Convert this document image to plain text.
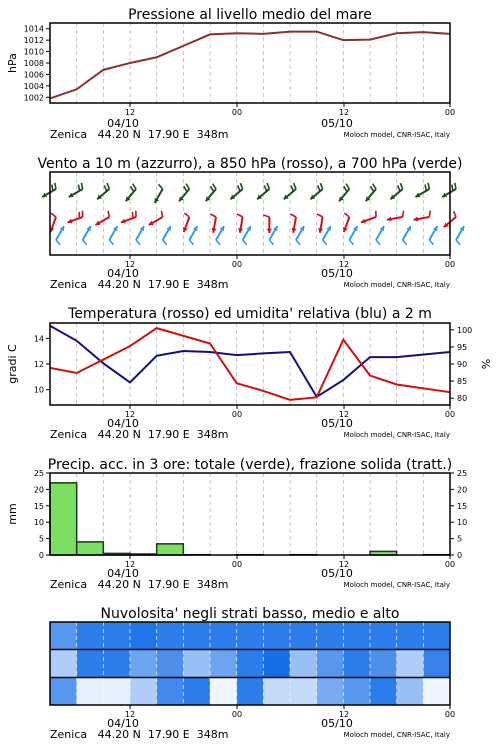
Pressione al livello medio del mare
hPa
1002
1004
1006
1008
1010
1012
1014
12	00	12	00
04/10	05/10
Zenica   44.20 N  17.90 E  348m	Moloch model, CNR-ISAC, Italy
Vento a 10 m (azzurro), a 850 hPa (rosso), a 700 hPa (verde)
12	00	12	00
04/10	05/10
Zenica   44.20 N  17.90 E  348m	Moloch model, CNR-ISAC, Italy
Temperatura (rosso) ed umidita' relativa (blu) a 2 m
gradi C	%
10
12
14
80
85
90
95
100
12	00	12	00
04/10	05/10
Zenica   44.20 N  17.90 E  348m	Moloch model, CNR-ISAC, Italy
Precip. acc. in 3 ore: totale (verde), frazione solida (tratt.)
mm
0
5
10
15
20
25
0
5
10
15
20
25
12	00	12	00
04/10	05/10
Zenica   44.20 N  17.90 E  348m	Moloch model, CNR-ISAC, Italy
Nuvolosita' negli strati basso, medio e alto
12	00	12	00
04/10	05/10
Zenica   44.20 N  17.90 E  348m	Moloch model, CNR-ISAC, Italy
